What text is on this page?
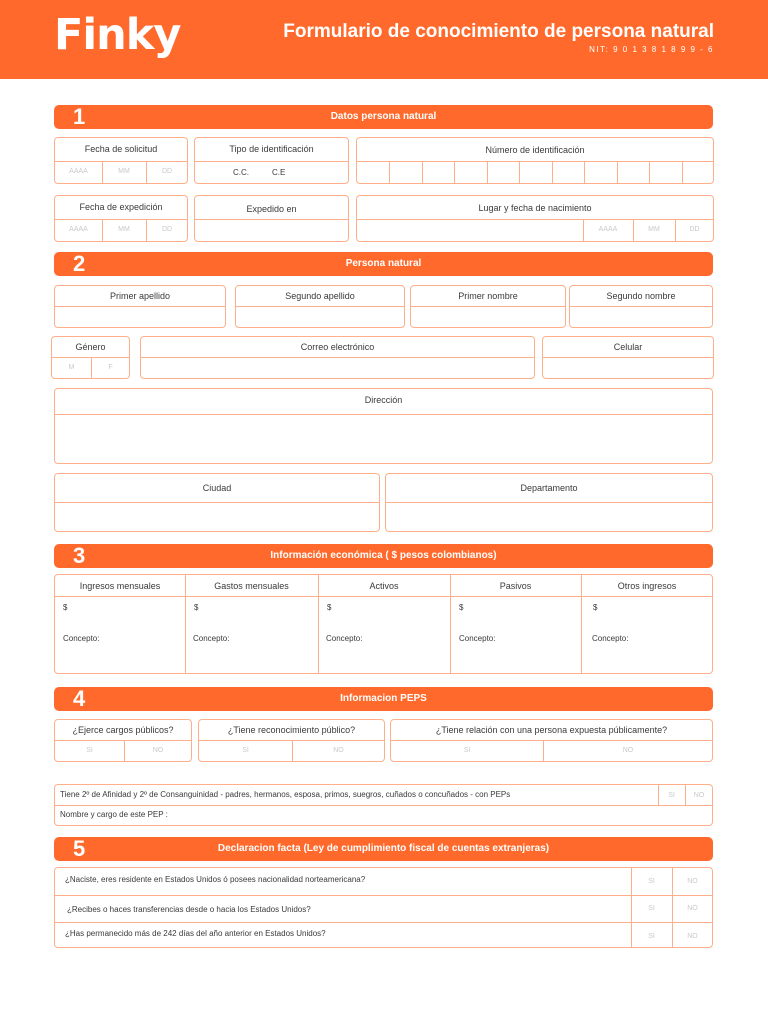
Finky	Formulario de conocimiento de persona natural
NIT: 9 0 1 3 8 1 8 9 9 - 6
1	Datos persona natural
Fecha de solicitud
AAAA	MM	DD
Tipo de identificación
C.C.	C.E
Número de identificación
Fecha de expedición
AAAA	MM	DD
Expedido en	Lugar y fecha de nacimiento
AAAA	MM	DD
2	Persona natural
Primer apellido	Segundo apellido	Primer nombre	Segundo nombre
Género
M	F
Correo electrónico	Celular
Dirección
Ciudad	Departamento
3	Información económica ( $ pesos colombianos)
Ingresos mensuales	Gastos mensuales	Activos	Pasivos	Otros ingresos
$	$	$	$	$
Concepto:	Concepto:	Concepto:	Concepto:	Concepto:
4	Informacion PEPS
¿Ejerce cargos públicos?
SI	NO
¿Tiene reconocimiento público?
SI	NO
¿Tiene relación con una persona expuesta públicamente?
SI	NO
Tiene 2º de Afinidad y 2º de Consanguinidad - padres, hermanos, esposa, primos, suegros, cuñados o concuñados - con PEPs	SI	NO
Nombre y cargo de este PEP :
5	Declaracion facta (Ley de cumplimiento fiscal de cuentas extranjeras)
¿Naciste, eres residente en Estados Unidos ó posees nacionalidad norteamericana?	SI	NO
¿Recibes o haces transferencias desde o hacia los Estados Unidos?	SI	NO
¿Has permanecido más de 242 días del año anterior en Estados Unidos?	SI	NO
